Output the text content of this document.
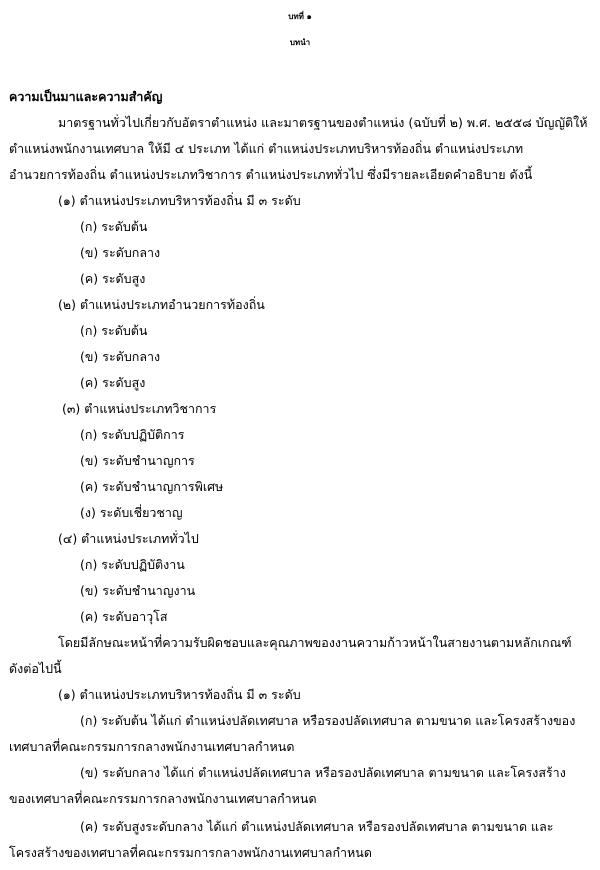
บทที่ ๑
บทนำ
ความเป็นมาและความสำคัญ
มาตรฐานทั่วไปเกี่ยวกับอัตราตำแหน่ง และมาตรฐานของตำแหน่ง (ฉบับที่ ๒) พ.ศ. ๒๕๕๘ บัญญัติให้
ตำแหน่งพนักงานเทศบาล ให้มี ๔ ประเภท ได้แก่ ตำแหน่งประเภทบริหารท้องถิ่น ตำแหน่งประเภท
อำนวยการท้องถิ่น ตำแหน่งประเภทวิชาการ ตำแหน่งประเภททั่วไป ซึ่งมีรายละเอียดคำอธิบาย ดังนี้
(๑) ตำแหน่งประเภทบริหารท้องถิ่น มี ๓ ระดับ
(ก) ระดับต้น
(ข) ระดับกลาง
(ค) ระดับสูง
(๒) ตำแหน่งประเภทอำนวยการท้องถิ่น
(ก) ระดับต้น
(ข) ระดับกลาง
(ค) ระดับสูง
(๓) ตำแหน่งประเภทวิชาการ
(ก) ระดับปฏิบัติการ
(ข) ระดับชำนาญการ
(ค) ระดับชำนาญการพิเศษ
(ง) ระดับเชี่ยวชาญ
(๔) ตำแหน่งประเภททั่วไป
(ก) ระดับปฏิบัติงาน
(ข) ระดับชำนาญงาน
(ค) ระดับอาวุโส
โดยมีลักษณะหน้าที่ความรับผิดชอบและคุณภาพของงานความก้าวหน้าในสายงานตามหลักเกณฑ์
ดังต่อไปนี้
(๑) ตำแหน่งประเภทบริหารท้องถิ่น มี ๓ ระดับ
(ก) ระดับต้น ได้แก่ ตำแหน่งปลัดเทศบาล หรือรองปลัดเทศบาล ตามขนาด และโครงสร้างของ
เทศบาลที่คณะกรรมการกลางพนักงานเทศบาลกำหนด
(ข) ระดับกลาง ได้แก่ ตำแหน่งปลัดเทศบาล หรือรองปลัดเทศบาล ตามขนาด และโครงสร้าง
ของเทศบาลที่คณะกรรมการกลางพนักงานเทศบาลกำหนด
(ค) ระดับสูงระดับกลาง ได้แก่ ตำแหน่งปลัดเทศบาล หรือรองปลัดเทศบาล ตามขนาด และ
โครงสร้างของเทศบาลที่คณะกรรมการกลางพนักงานเทศบาลกำหนด
